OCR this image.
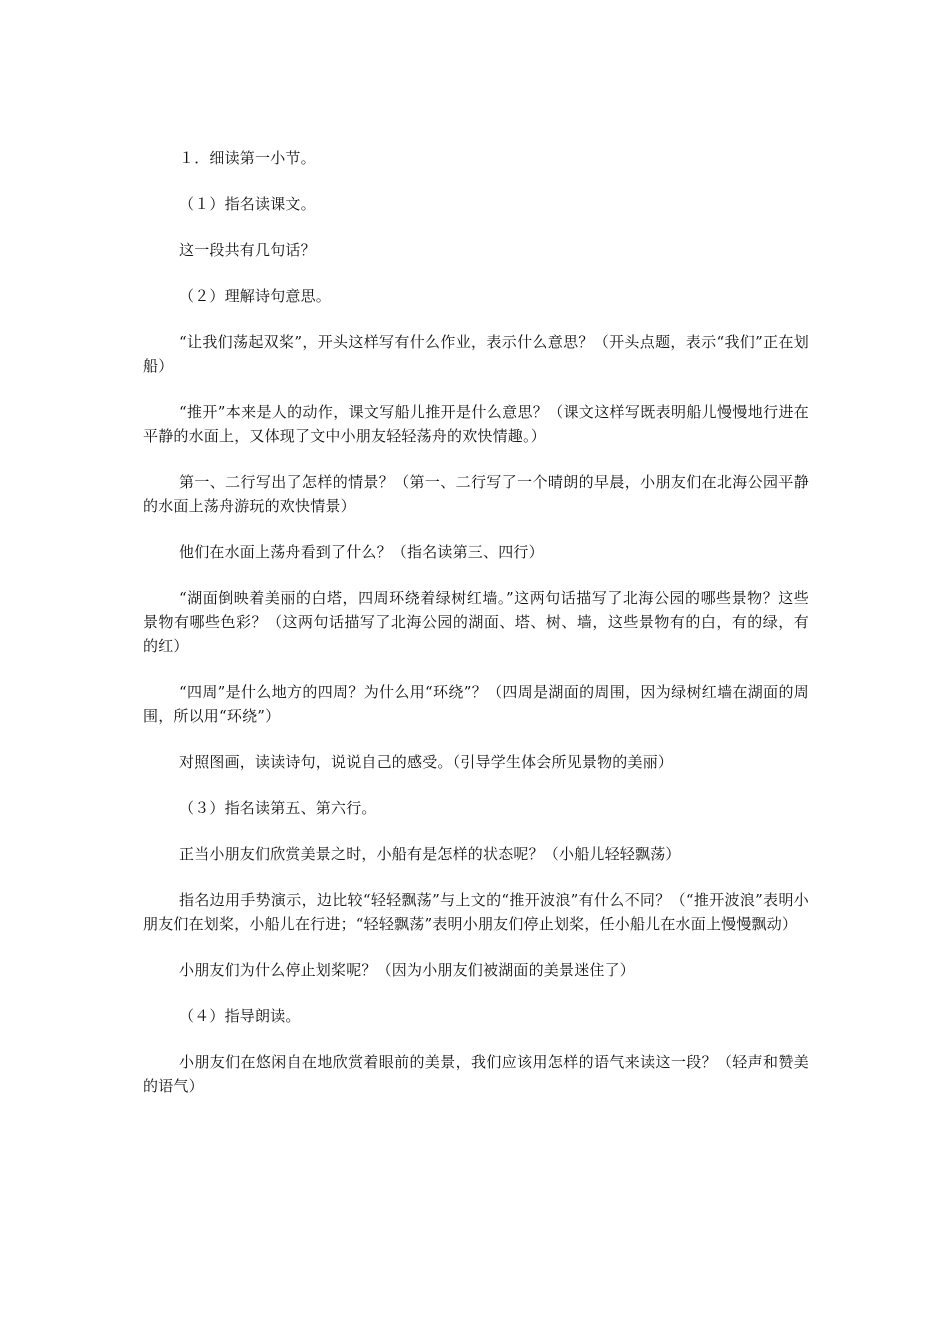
１．细读第一小节。

（１）指名读课文。

这一段共有几句话？

（２）理解诗句意思。

“让我们荡起双桨”，开头这样写有什么作业，表示什么意思？（开头点题，表示“我们”正在划船）

“推开”本来是人的动作，课文写船儿推开是什么意思？（课文这样写既表明船儿慢慢地行进在平静的水面上，又体现了文中小朋友轻轻荡舟的欢快情趣。）

第一、二行写出了怎样的情景？（第一、二行写了一个晴朗的早晨，小朋友们在北海公园平静的水面上荡舟游玩的欢快情景）

他们在水面上荡舟看到了什么？（指名读第三、四行）

“湖面倒映着美丽的白塔，四周环绕着绿树红墙。”这两句话描写了北海公园的哪些景物？这些景物有哪些色彩？（这两句话描写了北海公园的湖面、塔、树、墙，这些景物有的白，有的绿，有的红）

“四周”是什么地方的四周？为什么用“环绕”？（四周是湖面的周围，因为绿树红墙在湖面的周围，所以用“环绕”）

对照图画，读读诗句，说说自己的感受。（引导学生体会所见景物的美丽）

（３）指名读第五、第六行。

正当小朋友们欣赏美景之时，小船有是怎样的状态呢？（小船儿轻轻飘荡）

指名边用手势演示，边比较“轻轻飘荡”与上文的“推开波浪”有什么不同？（“推开波浪”表明小朋友们在划桨，小船儿在行进；“轻轻飘荡”表明小朋友们停止划桨，任小船儿在水面上慢慢飘动）

小朋友们为什么停止划桨呢？（因为小朋友们被湖面的美景迷住了）

（４）指导朗读。

小朋友们在悠闲自在地欣赏着眼前的美景，我们应该用怎样的语气来读这一段？（轻声和赞美的语气）
